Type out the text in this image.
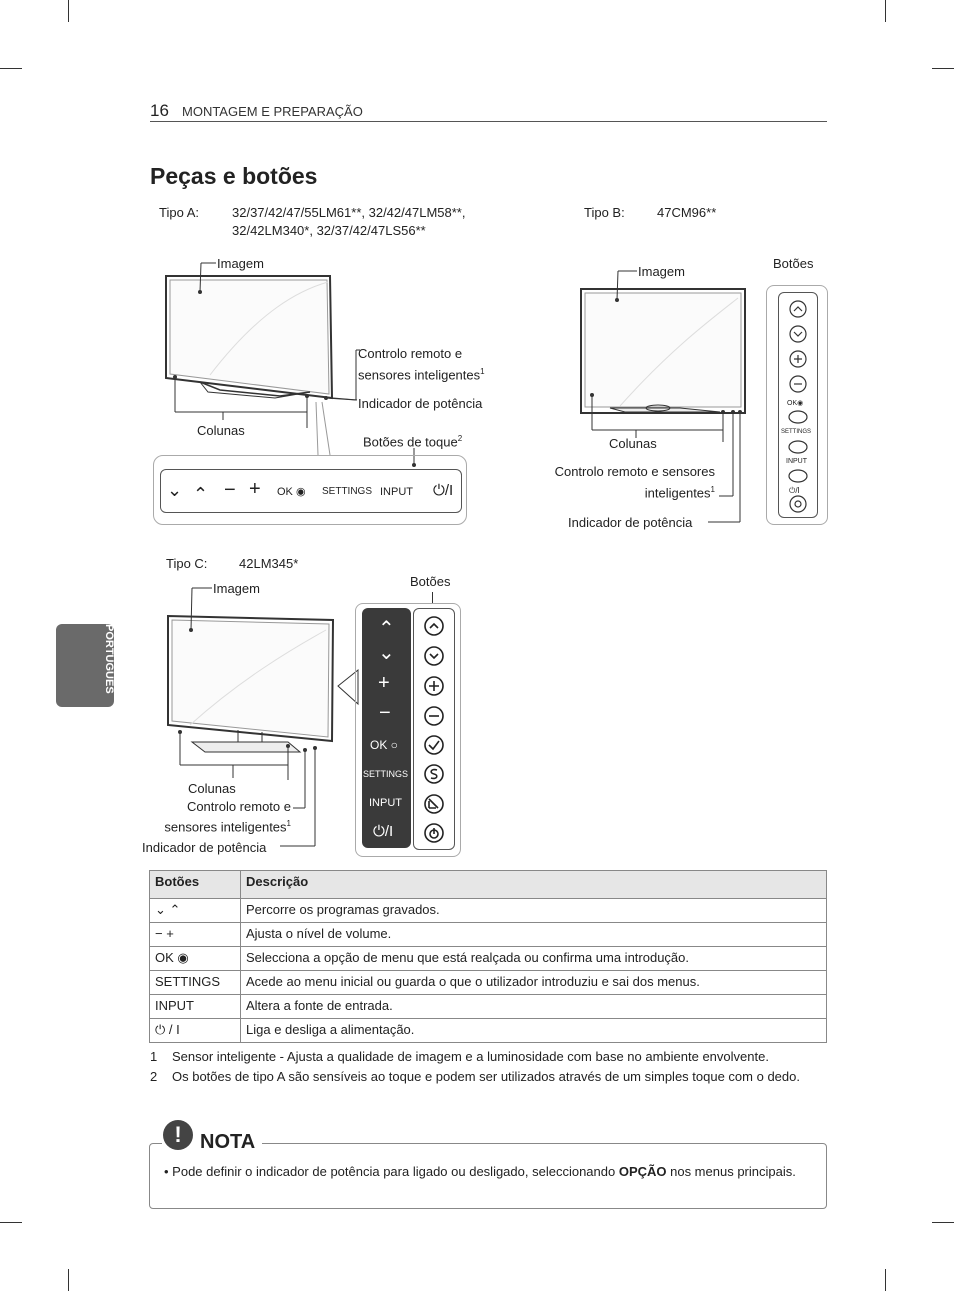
16 MONTAGEM E PREPARAÇÃO
Peças e botões
PORTUGUÊS
Tipo A:	32/37/42/47/55LM61**, 32/42/47LM58**,
32/42LM340*, 32/37/42/47LS56**
Imagem
Colunas
Controlo remoto e
sensores inteligentes$^1$
Indicador de potência
Botões de toque$^2$
⌄ ⌃ − + OK ◉ SETTINGS INPUT ⏻/I
Tipo B: 47CM96**
Imagem
Botões
Colunas
Controlo remoto e sensores
inteligentes$^1$
Indicador de potência
OK◉
SETTINGS
INPUT
⏻/I
Tipo C: 42LM345*
Imagem	Botões
Colunas
Controlo remoto e
sensores inteligentes$^1$
Indicador de potência
⌃
⌄
+
−
OK ○
SETTINGS
INPUT
⏻/I
Botões	Descrição
⌄ ⌃	Percorre os programas gravados.
− +	Ajusta o nível de volume.
OK ◉	Selecciona a opção de menu que está realçada ou confirma uma introdução.
SETTINGS	Acede ao menu inicial ou guarda o que o utilizador introduziu e sai dos menus.
INPUT	Altera a fonte de entrada.
⏻ / I	Liga e desliga a alimentação.
1 Sensor inteligente - Ajusta a qualidade de imagem e a luminosidade com base no ambiente envolvente.
2 Os botões de tipo A são sensíveis ao toque e podem ser utilizados através de um simples toque com o dedo.
! NOTA
• Pode definir o indicador de potência para ligado ou desligado, seleccionando OPÇÃO nos menus principais.
